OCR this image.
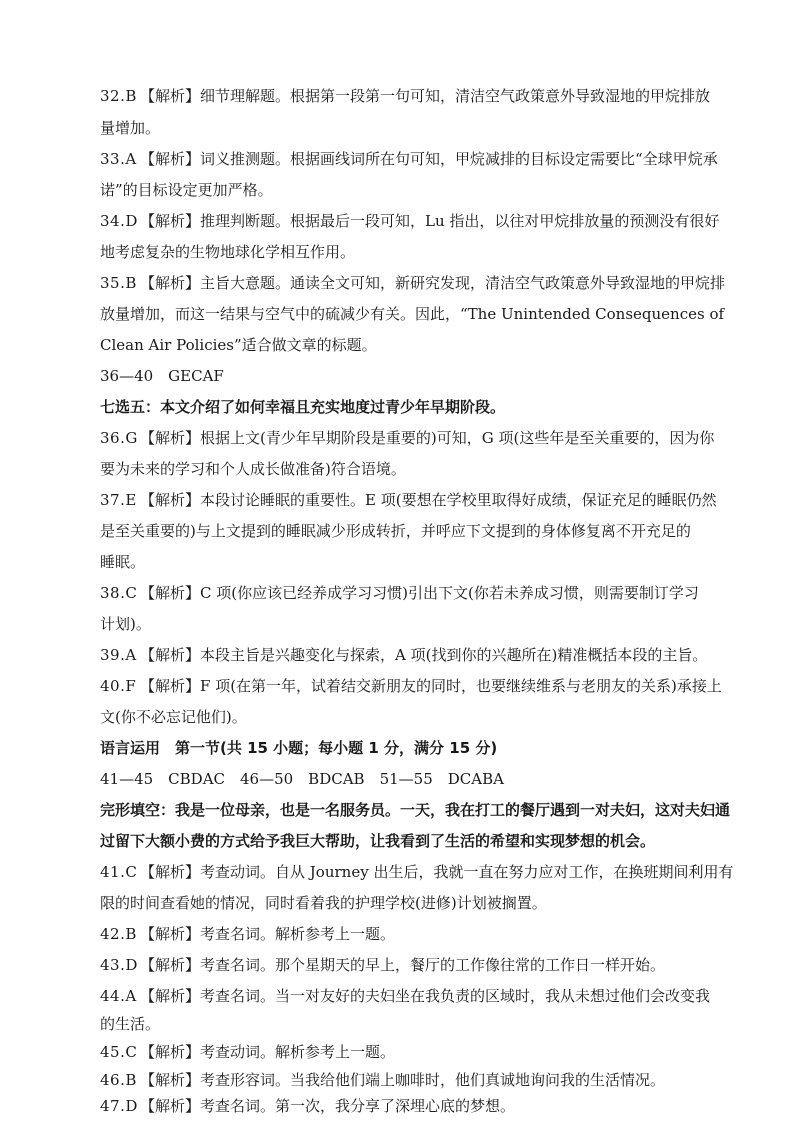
32.B 【解析】细节理解题。根据第一段第一句可知，清洁空气政策意外导致湿地的甲烷排放
量增加。
33.A 【解析】词义推测题。根据画线词所在句可知，甲烷减排的目标设定需要比“全球甲烷承
诺”的目标设定更加严格。
34.D 【解析】推理判断题。根据最后一段可知，Lu 指出，以往对甲烷排放量的预测没有很好
地考虑复杂的生物地球化学相互作用。
35.B 【解析】主旨大意题。通读全文可知，新研究发现，清洁空气政策意外导致湿地的甲烷排
放量增加，而这一结果与空气中的硫减少有关。因此，“The Unintended Consequences of
Clean Air Policies”适合做文章的标题。
36—40　GECAF
七选五：本文介绍了如何幸福且充实地度过青少年早期阶段。
36.G 【解析】根据上文(青少年早期阶段是重要的)可知，G 项(这些年是至关重要的，因为你
要为未来的学习和个人成长做准备)符合语境。
37.E 【解析】本段讨论睡眠的重要性。E 项(要想在学校里取得好成绩，保证充足的睡眠仍然
是至关重要的)与上文提到的睡眠减少形成转折，并呼应下文提到的身体修复离不开充足的
睡眠。
38.C 【解析】C 项(你应该已经养成学习习惯)引出下文(你若未养成习惯，则需要制订学习
计划)。
39.A 【解析】本段主旨是兴趣变化与探索，A 项(找到你的兴趣所在)精准概括本段的主旨。
40.F 【解析】F 项(在第一年，试着结交新朋友的同时，也要继续维系与老朋友的关系)承接上
文(你不必忘记他们)。
语言运用　第一节(共 15 小题；每小题 1 分，满分 15 分)
41—45　CBDAC　46—50　BDCAB　51—55　DCABA
完形填空：我是一位母亲，也是一名服务员。一天，我在打工的餐厅遇到一对夫妇，这对夫妇通
过留下大额小费的方式给予我巨大帮助，让我看到了生活的希望和实现梦想的机会。
41.C 【解析】考查动词。自从 Journey 出生后，我就一直在努力应对工作，在换班期间利用有
限的时间查看她的情况，同时看着我的护理学校(进修)计划被搁置。
42.B 【解析】考查名词。解析参考上一题。
43.D 【解析】考查名词。那个星期天的早上，餐厅的工作像往常的工作日一样开始。
44.A 【解析】考查名词。当一对友好的夫妇坐在我负责的区域时，我从未想过他们会改变我
的生活。
45.C 【解析】考查动词。解析参考上一题。
46.B 【解析】考查形容词。当我给他们端上咖啡时，他们真诚地询问我的生活情况。
47.D 【解析】考查名词。第一次，我分享了深埋心底的梦想。
